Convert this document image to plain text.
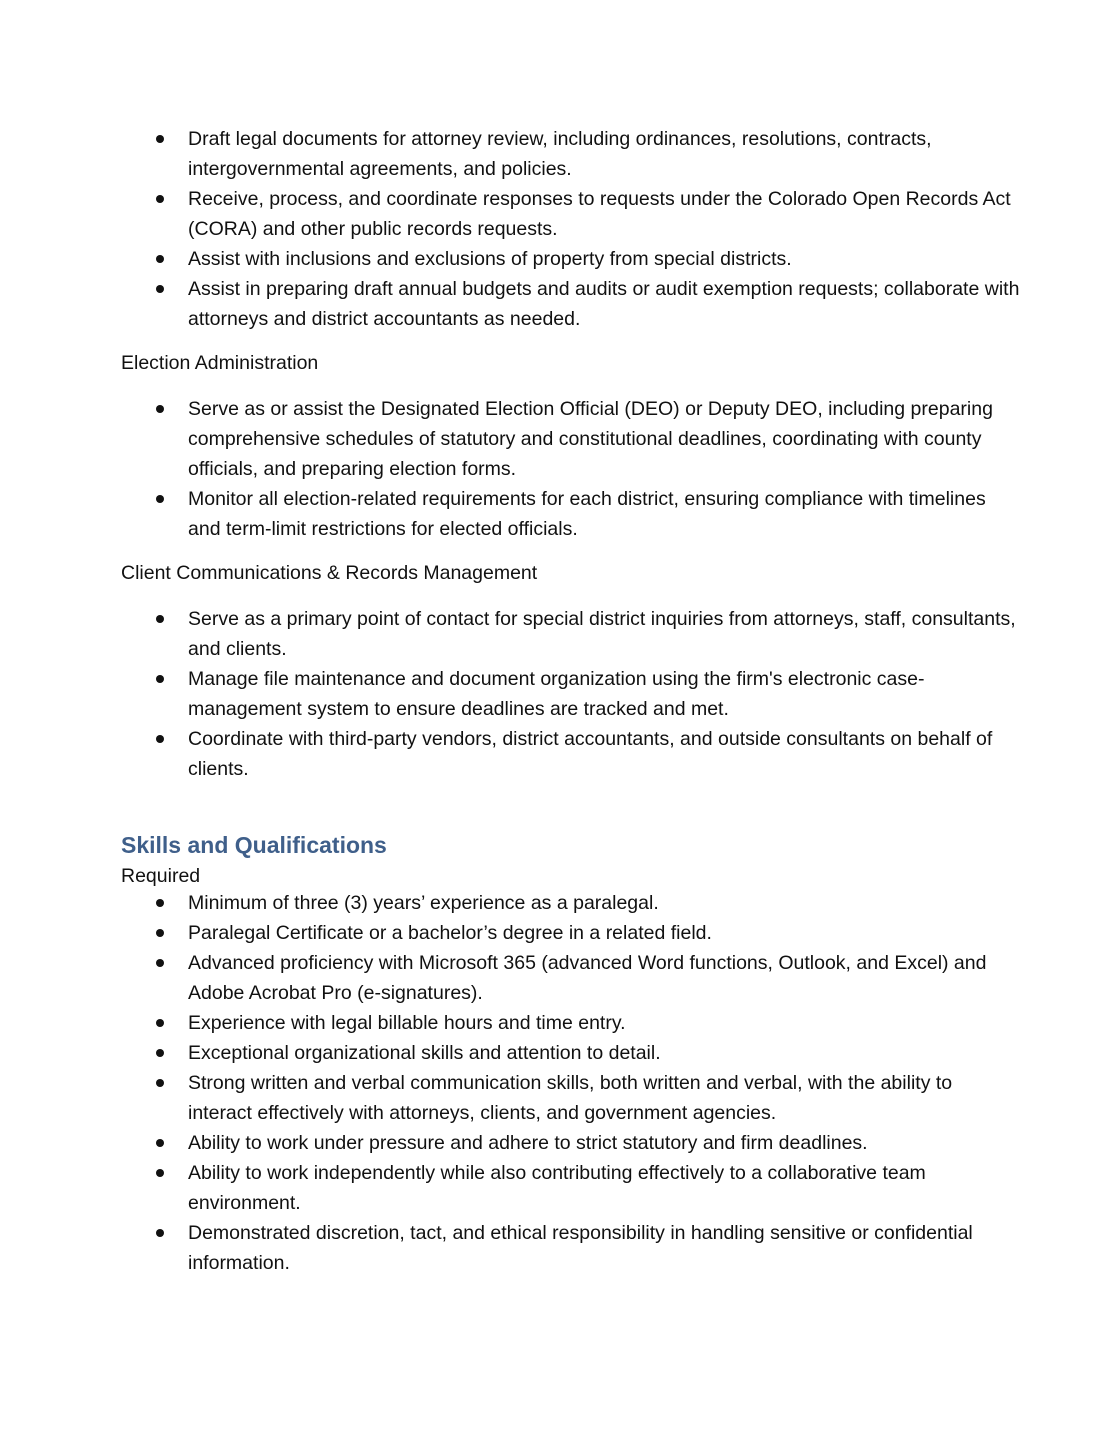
Draft legal documents for attorney review, including ordinances, resolutions, contracts, intergovernmental agreements, and policies.
Receive, process, and coordinate responses to requests under the Colorado Open Records Act (CORA) and other public records requests.
Assist with inclusions and exclusions of property from special districts.
Assist in preparing draft annual budgets and audits or audit exemption requests; collaborate with attorneys and district accountants as needed.

Election Administration

Serve as or assist the Designated Election Official (DEO) or Deputy DEO, including preparing comprehensive schedules of statutory and constitutional deadlines, coordinating with county officials, and preparing election forms.
Monitor all election-related requirements for each district, ensuring compliance with timelines and term-limit restrictions for elected officials.

Client Communications & Records Management

Serve as a primary point of contact for special district inquiries from attorneys, staff, consultants, and clients.
Manage file maintenance and document organization using the firm's electronic case-management system to ensure deadlines are tracked and met.
Coordinate with third-party vendors, district accountants, and outside consultants on behalf of clients.
Skills and Qualifications

Required

Minimum of three (3) years’ experience as a paralegal.
Paralegal Certificate or a bachelor’s degree in a related field.
Advanced proficiency with Microsoft 365 (advanced Word functions, Outlook, and Excel) and Adobe Acrobat Pro (e-signatures).
Experience with legal billable hours and time entry.
Exceptional organizational skills and attention to detail.
Strong written and verbal communication skills, both written and verbal, with the ability to interact effectively with attorneys, clients, and government agencies.
Ability to work under pressure and adhere to strict statutory and firm deadlines.
Ability to work independently while also contributing effectively to a collaborative team environment.
Demonstrated discretion, tact, and ethical responsibility in handling sensitive or confidential information.
